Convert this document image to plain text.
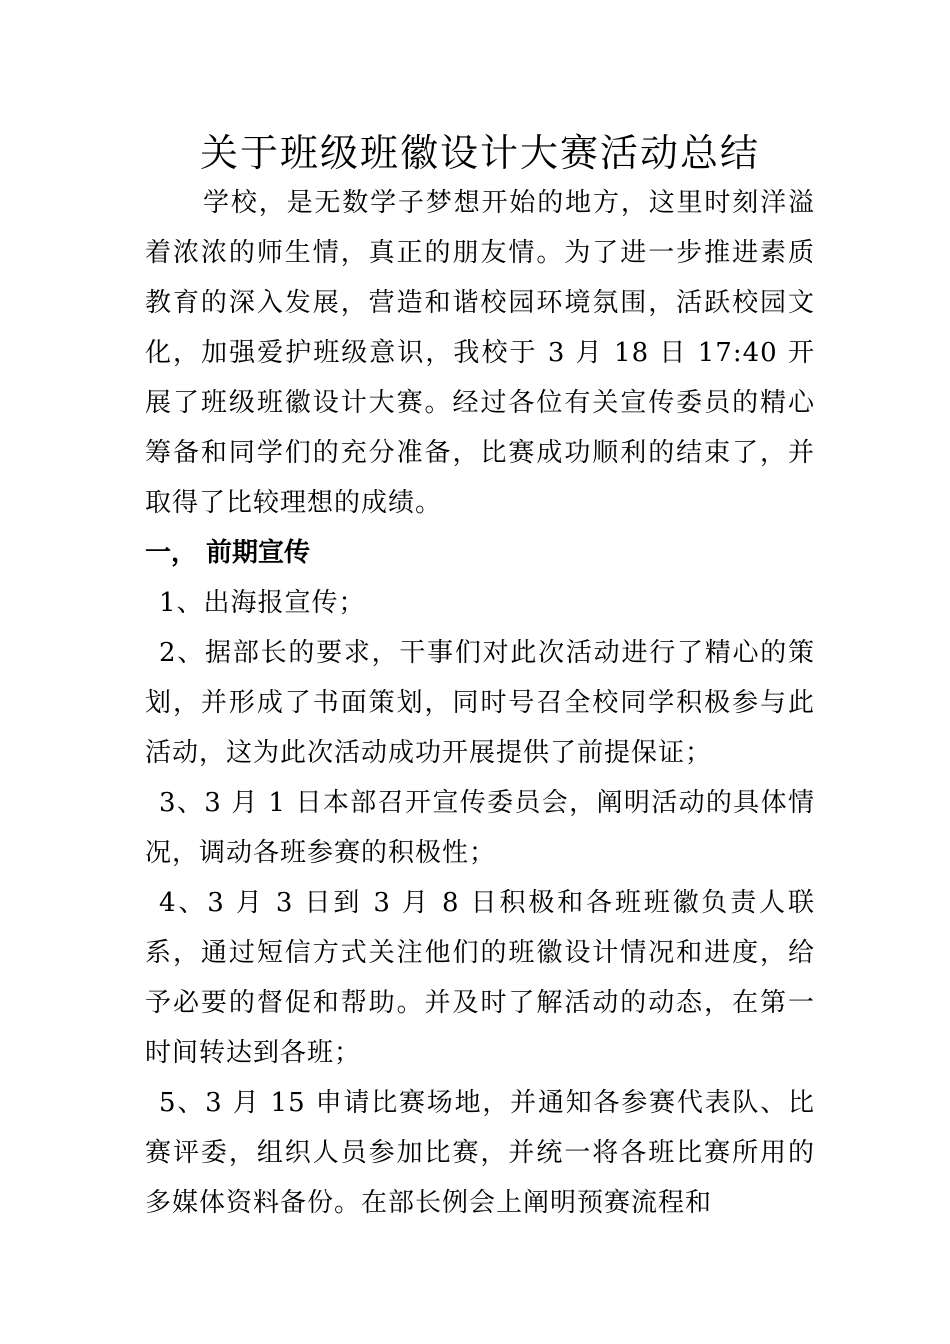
关于班级班徽设计大赛活动总结

学校，是无数学子梦想开始的地方，这里时刻洋溢着浓浓的师生情，真正的朋友情。为了进一步推进素质教育的深入发展，营造和谐校园环境氛围，活跃校园文化，加强爱护班级意识，我校于 3 月 18 日 17:40 开展了班级班徽设计大赛。经过各位有关宣传委员的精心筹备和同学们的充分准备，比赛成功顺利的结束了，并取得了比较理想的成绩。

一， 前期宣传

1、出海报宣传；

2、据部长的要求，干事们对此次活动进行了精心的策划，并形成了书面策划，同时号召全校同学积极参与此活动，这为此次活动成功开展提供了前提保证；

3、3 月 1 日本部召开宣传委员会，阐明活动的具体情况，调动各班参赛的积极性；

4、3 月 3 日到 3 月 8 日积极和各班班徽负责人联系，通过短信方式关注他们的班徽设计情况和进度，给予必要的督促和帮助。并及时了解活动的动态，在第一时间转达到各班；

5、3 月 15 申请比赛场地，并通知各参赛代表队、比赛评委，组织人员参加比赛，并统一将各班比赛所用的多媒体资料备份。在部长例会上阐明预赛流程和
